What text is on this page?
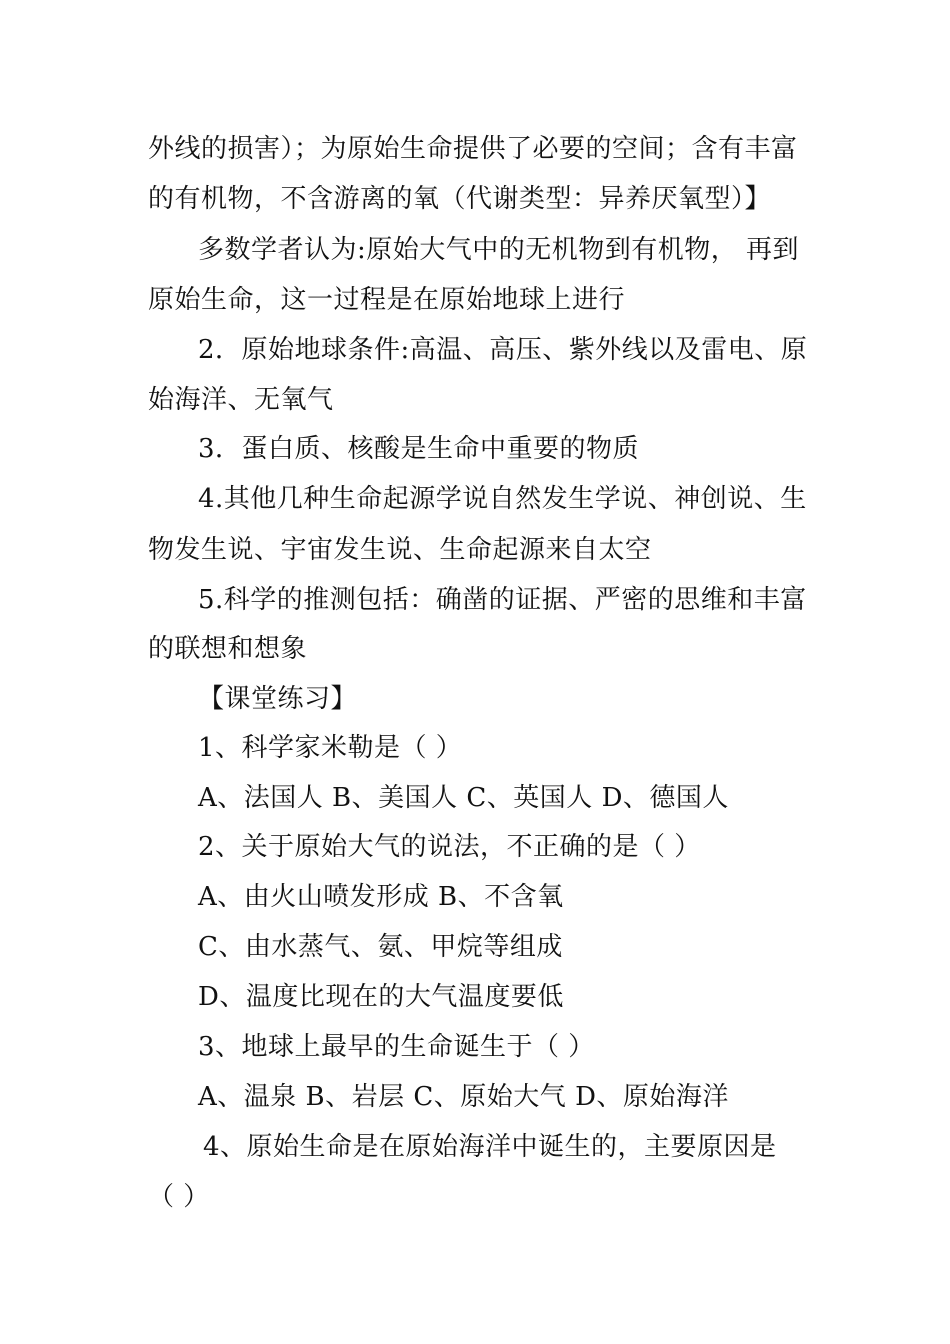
外线的损害）；为原始生命提供了必要的空间；含有丰富
的有机物，不含游离的氧（代谢类型：异养厌氧型）】
多数学者认为:原始大气中的无机物到有机物， 再到
原始生命，这一过程是在原始地球上进行
2．原始地球条件:高温、高压、紫外线以及雷电、原
始海洋、无氧气
3．蛋白质、核酸是生命中重要的物质
4.其他几种生命起源学说自然发生学说、神创说、生
物发生说、宇宙发生说、生命起源来自太空
5.科学的推测包括：确凿的证据、严密的思维和丰富
的联想和想象
【课堂练习】
1、科学家米勒是（ ）
A、法国人 B、美国人 C、英国人 D、德国人
2、关于原始大气的说法，不正确的是（ ）
A、由火山喷发形成 B、不含氧
C、由水蒸气、氨、甲烷等组成
D、温度比现在的大气温度要低
3、地球上最早的生命诞生于（ ）
A、温泉 B、岩层 C、原始大气 D、原始海洋
4、原始生命是在原始海洋中诞生的，主要原因是
（ ）
